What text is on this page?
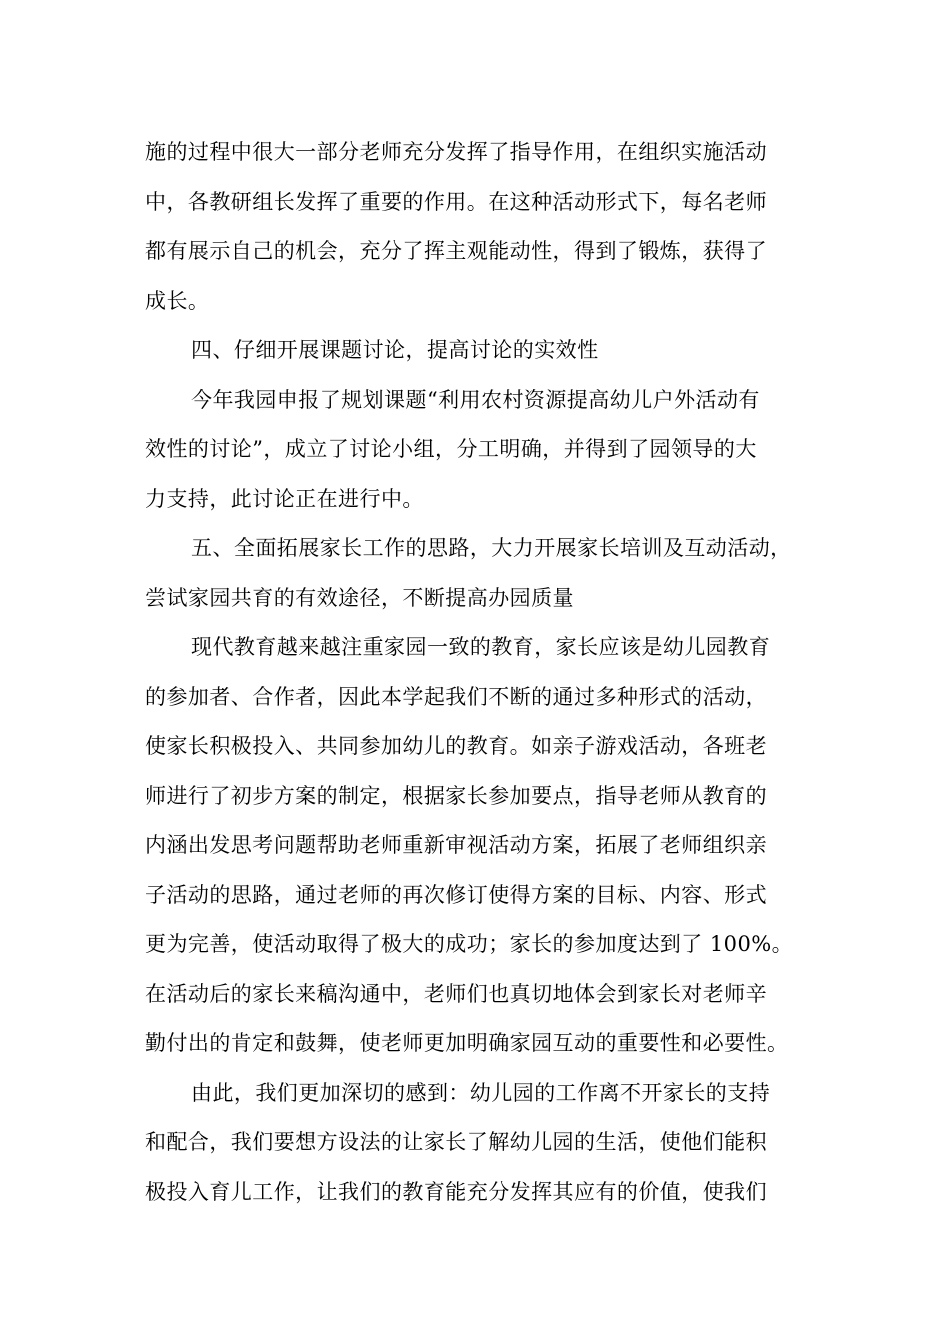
施的过程中很大一部分老师充分发挥了指导作用，在组织实施活动
中，各教研组长发挥了重要的作用。在这种活动形式下，每名老师
都有展示自己的机会，充分了挥主观能动性，得到了锻炼，获得了
成长。
四、仔细开展课题讨论，提高讨论的实效性
今年我园申报了规划课题“利用农村资源提高幼儿户外活动有
效性的讨论”，成立了讨论小组，分工明确，并得到了园领导的大
力支持，此讨论正在进行中。
五、全面拓展家长工作的思路，大力开展家长培训及互动活动，
尝试家园共育的有效途径，不断提高办园质量
现代教育越来越注重家园一致的教育，家长应该是幼儿园教育
的参加者、合作者，因此本学起我们不断的通过多种形式的活动，
使家长积极投入、共同参加幼儿的教育。如亲子游戏活动，各班老
师进行了初步方案的制定，根据家长参加要点，指导老师从教育的
内涵出发思考问题帮助老师重新审视活动方案，拓展了老师组织亲
子活动的思路，通过老师的再次修订使得方案的目标、内容、形式
更为完善，使活动取得了极大的成功；家长的参加度达到了 100%。
在活动后的家长来稿沟通中，老师们也真切地体会到家长对老师辛
勤付出的肯定和鼓舞，使老师更加明确家园互动的重要性和必要性。
由此，我们更加深切的感到：幼儿园的工作离不开家长的支持
和配合，我们要想方设法的让家长了解幼儿园的生活，使他们能积
极投入育儿工作，让我们的教育能充分发挥其应有的价值，使我们
